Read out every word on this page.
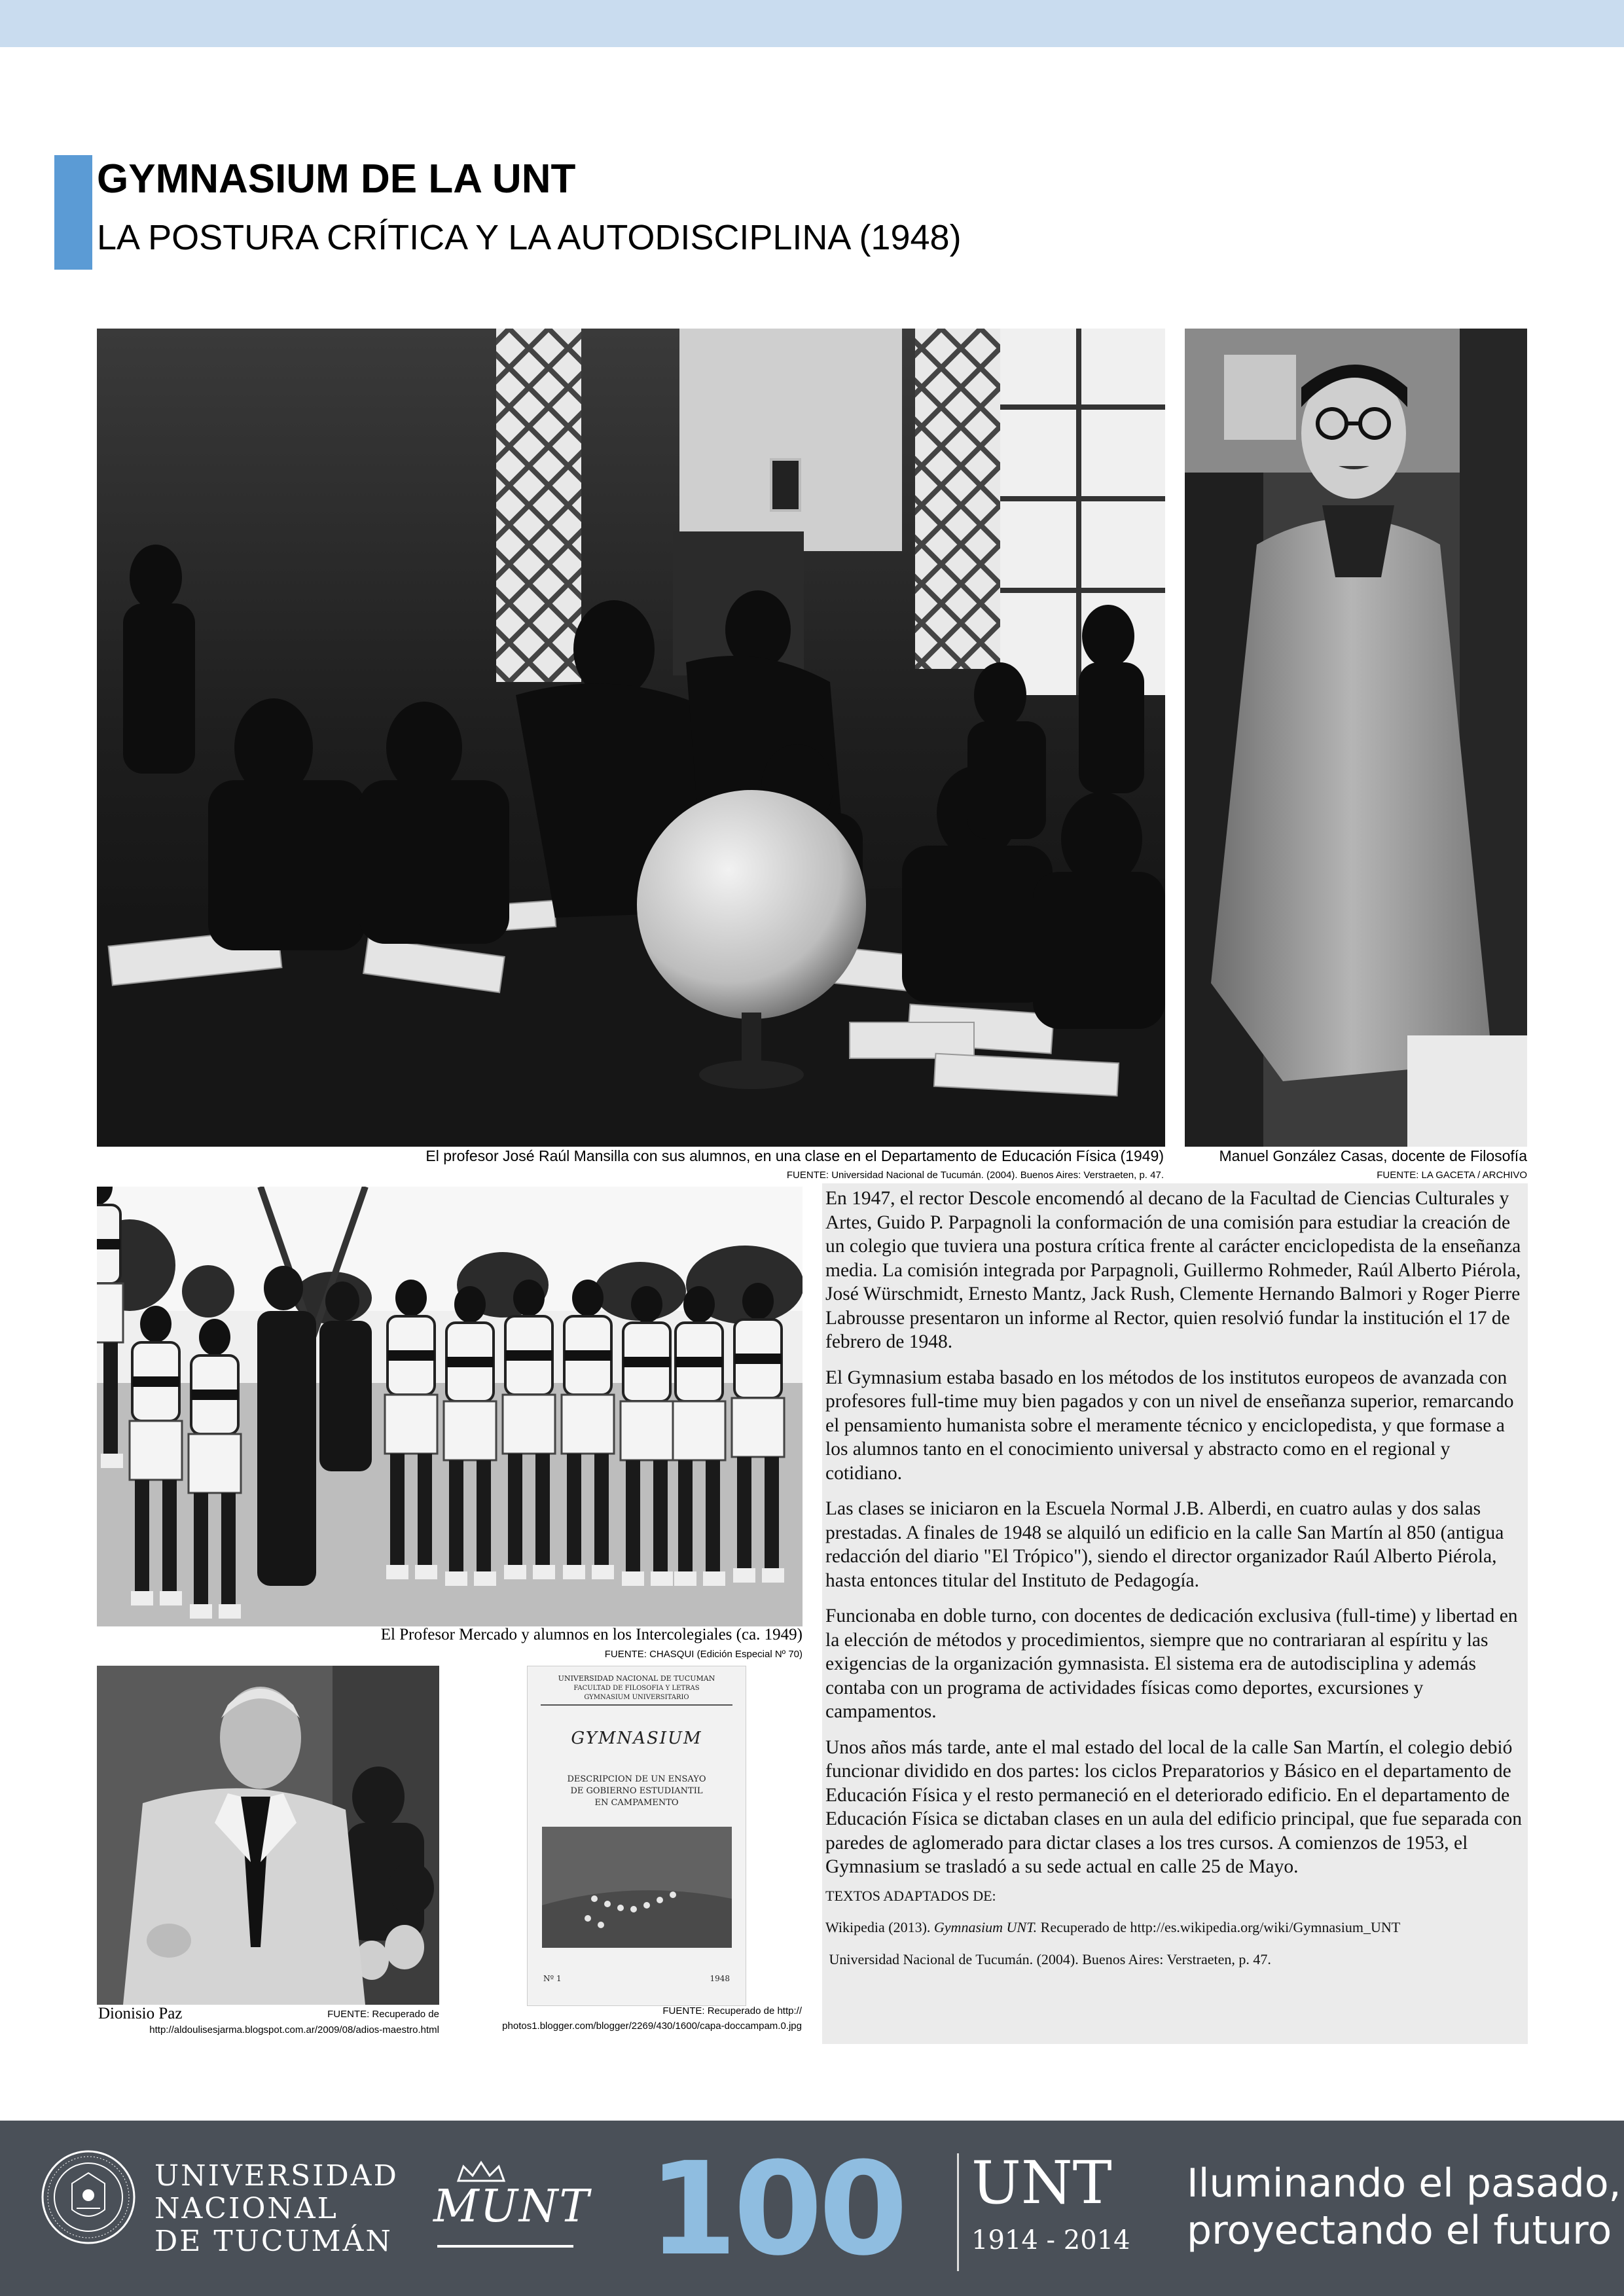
GYMNASIUM DE LA UNT
LA POSTURA CRÍTICA Y LA AUTODISCIPLINA (1948)
El profesor José Raúl Mansilla con sus alumnos, en una clase en el Departamento de Educación Física (1949)
FUENTE: Universidad Nacional de Tucumán. (2004). Buenos Aires: Verstraeten, p. 47.
Manuel González Casas, docente de Filosofía
FUENTE: LA GACETA / ARCHIVO
El Profesor Mercado y alumnos en los Intercolegiales (ca. 1949)
FUENTE: CHASQUI (Edición Especial Nº 70)
Dionisio Paz	FUENTE: Recuperado de
http://aldoulisesjarma.blogspot.com.ar/2009/08/adios-maestro.html
UNIVERSIDAD NACIONAL DE TUCUMAN
FACULTAD DE FILOSOFIA Y LETRAS
GYMNASIUM UNIVERSITARIO
GYMNASIUM
DESCRIPCION DE UN ENSAYO
DE GOBIERNO ESTUDIANTIL
EN CAMPAMENTO
Nº 1	1948
FUENTE: Recuperado de http://
photos1.blogger.com/blogger/2269/430/1600/capa-doccampam.0.jpg

En 1947, el rector Descole encomendó al decano de la Facultad de Ciencias Culturales y Artes, Guido P. Parpagnoli la conformación de una comisión para estudiar la creación de un colegio que tuviera una postura crítica frente al carácter enciclopedista de la enseñanza media. La comisión integrada por Parpagnoli, Guillermo Rohmeder, Raúl Alberto Piérola, José Würschmidt, Ernesto Mantz, Jack Rush, Clemente Hernando Balmori y Roger Pierre Labrousse presentaron un informe al Rector, quien resolvió fundar la institución el 17 de febrero de 1948.

El Gymnasium estaba basado en los métodos de los institutos europeos de avanzada con profesores full-time muy bien pagados y con un nivel de enseñanza superior, remarcando el pensamiento humanista sobre el meramente técnico y enciclopedista, y que formase a los alumnos tanto en el conocimiento universal y abstracto como en el regional y cotidiano.

Las clases se iniciaron en la Escuela Normal J.B. Alberdi, en cuatro aulas y dos salas prestadas. A finales de 1948 se alquiló un edificio en la calle San Martín al 850 (antigua redacción del diario "El Trópico"), siendo el director organizador Raúl Alberto Piérola, hasta entonces titular del Instituto de Pedagogía.

Funcionaba en doble turno, con docentes de dedicación exclusiva (full-time) y libertad en la elección de métodos y procedimientos, siempre que no contrariaran al espíritu y las exigencias de la organización gymnasista. El sistema era de autodisciplina y además contaba con un programa de actividades físicas como deportes, excursiones y campamentos.

Unos años más tarde, ante el mal estado del local de la calle San Martín, el colegio debió funcionar dividido en dos partes: los ciclos Preparatorios y Básico en el departamento de Educación Física y el resto permaneció en el deteriorado edificio. En el departamento de Educación Física se dictaban clases en un aula del edificio principal, que fue separada con paredes de aglomerado para dictar clases a los tres cursos. A comienzos de 1953, el Gymnasium se trasladó a su sede actual en calle 25 de Mayo.

TEXTOS ADAPTADOS DE:
Wikipedia (2013). Gymnasium UNT. Recuperado de http://es.wikipedia.org/wiki/Gymnasium_UNT
Universidad Nacional de Tucumán. (2004). Buenos Aires: Verstraeten, p. 47.
UNIVERSIDAD
NACIONAL
DE TUCUMÁN
MUNT 100 UNT
1914 - 2014
Iluminando el pasado,
proyectando el futuro
